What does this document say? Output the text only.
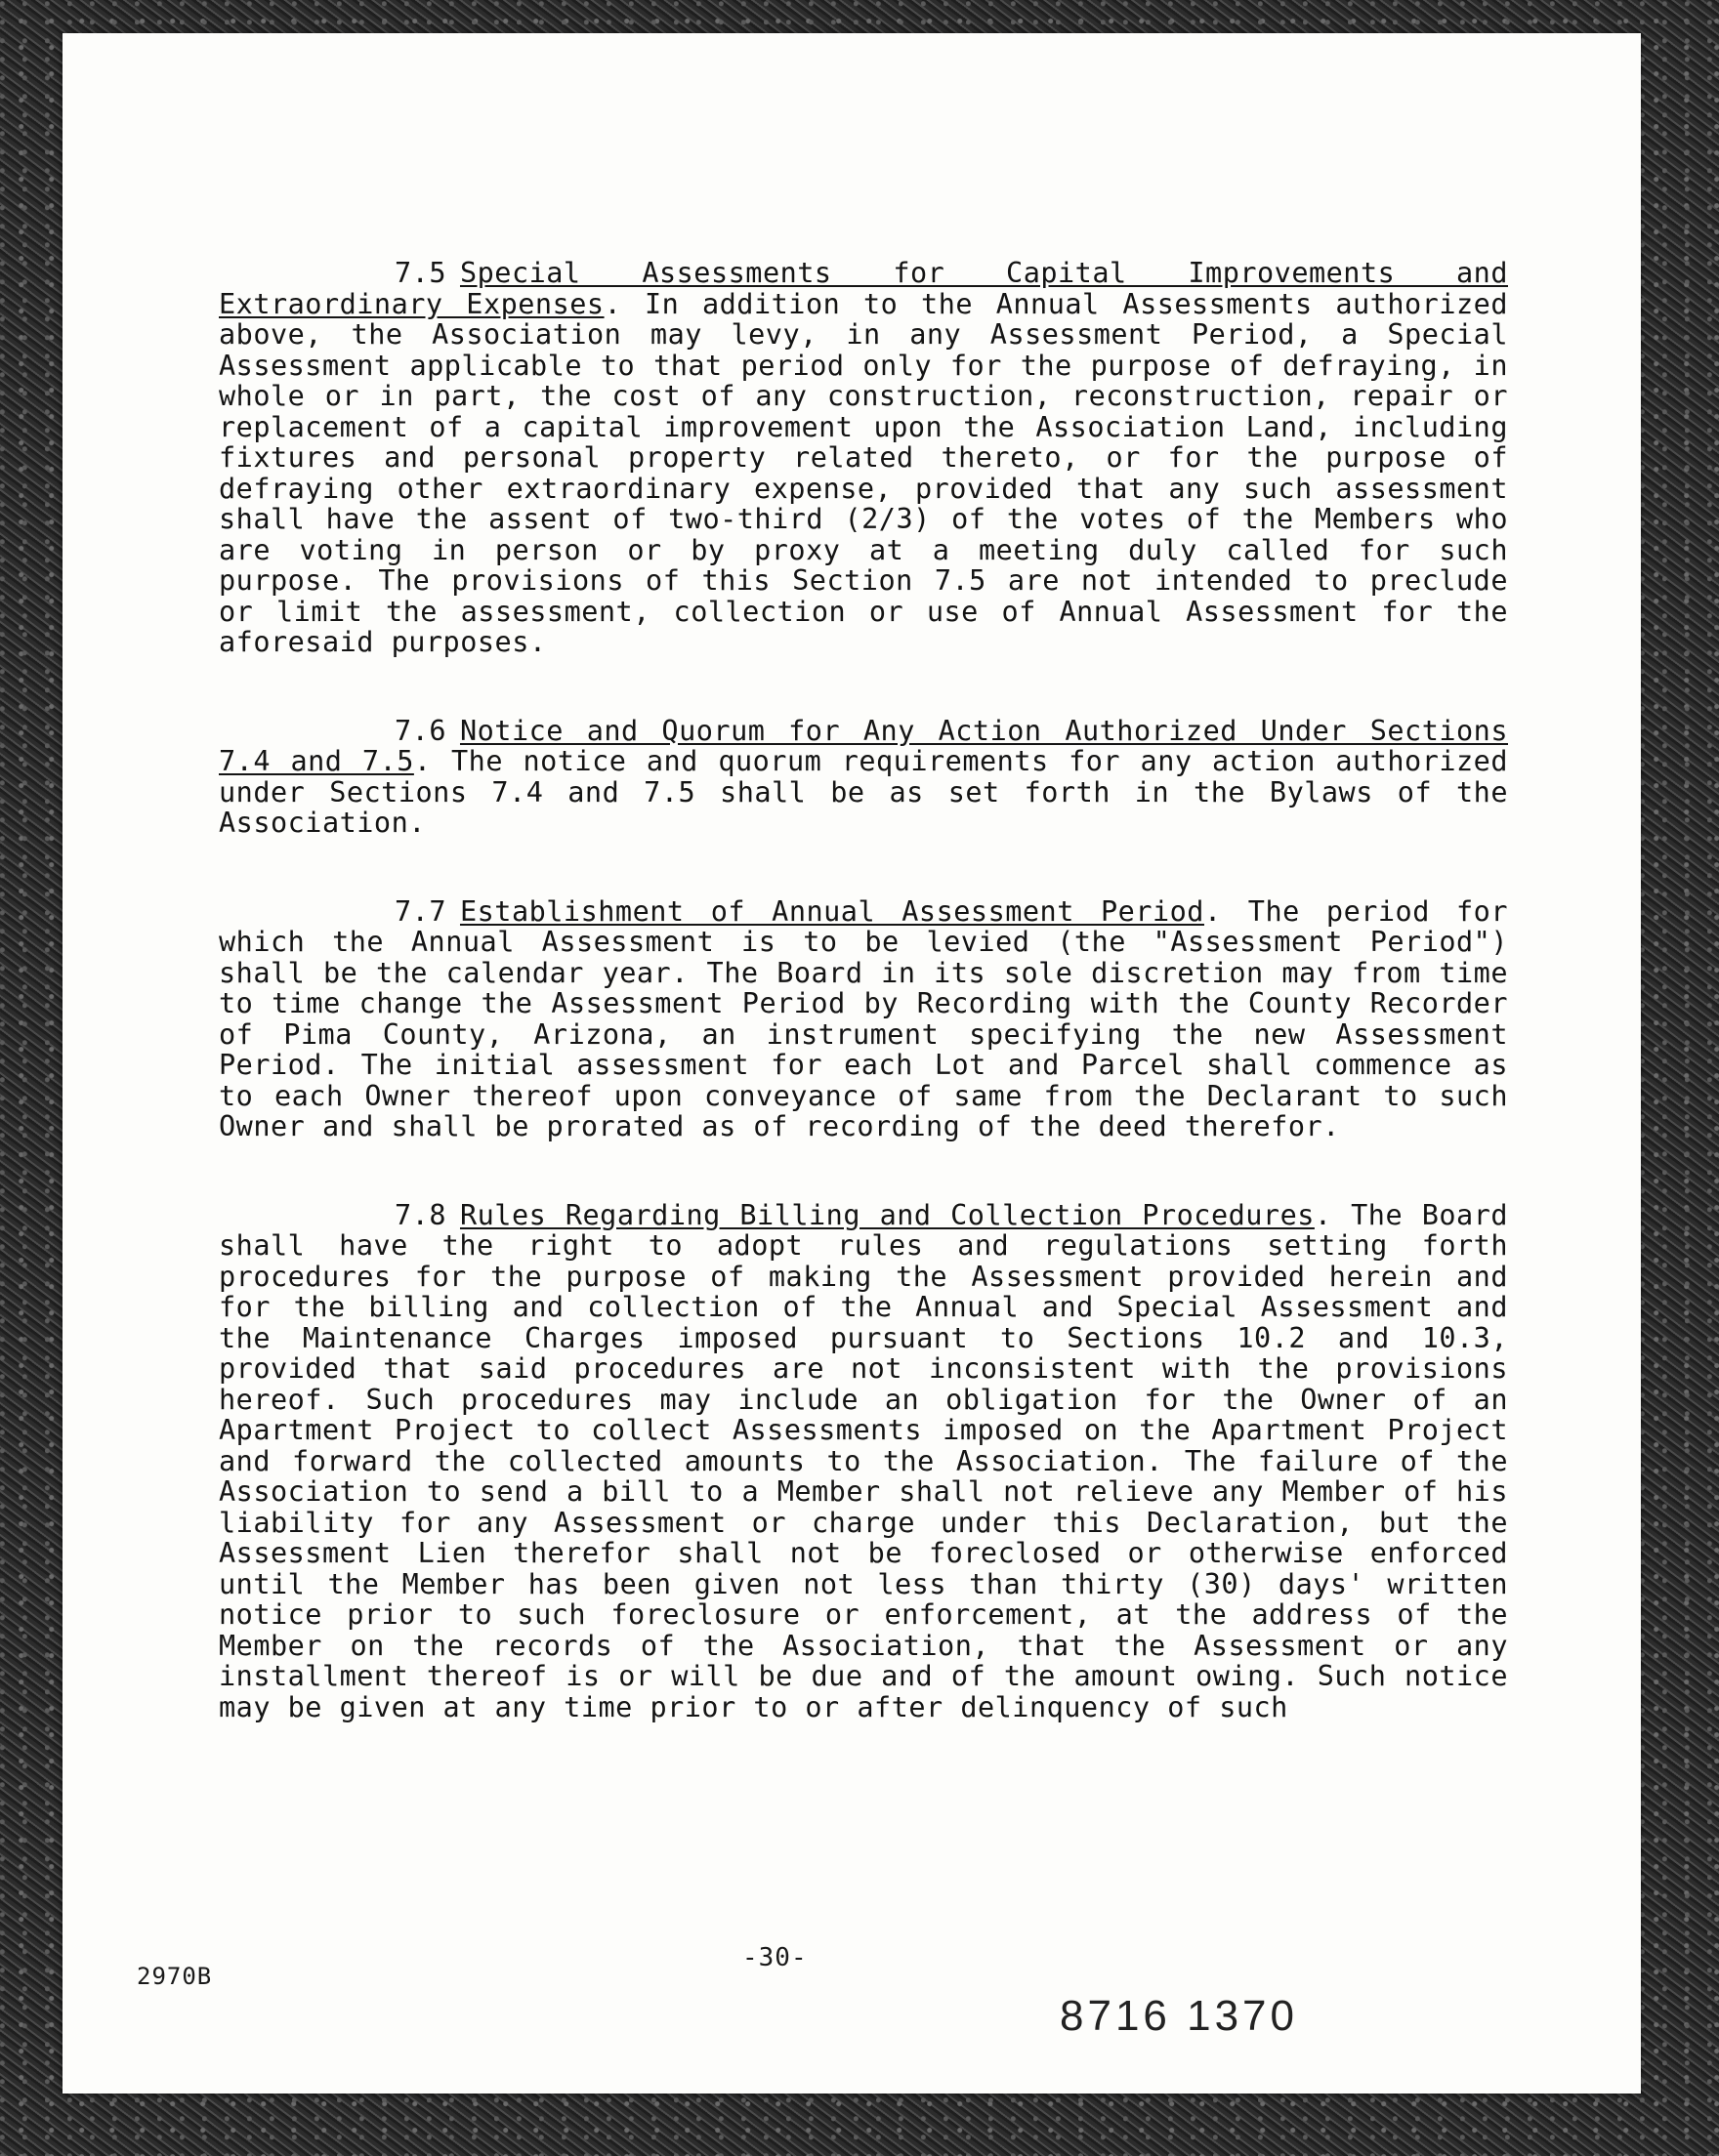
7.5 Special Assessments for Capital Improvements and Extraordinary Expenses. In addition to the Annual Assessments authorized above, the Association may levy, in any Assessment Period, a Special Assessment applicable to that period only for the purpose of defraying, in whole or in part, the cost of any construction, reconstruction, repair or replacement of a capital improvement upon the Association Land, including fixtures and personal property related thereto, or for the purpose of defraying other extraordinary expense, provided that any such assessment shall have the assent of two-third (2/3) of the votes of the Members who are voting in person or by proxy at a meeting duly called for such purpose. The provisions of this Section 7.5 are not intended to preclude or limit the assessment, collection or use of Annual Assessment for the aforesaid purposes.

7.6 Notice and Quorum for Any Action Authorized Under Sections 7.4 and 7.5. The notice and quorum requirements for any action authorized under Sections 7.4 and 7.5 shall be as set forth in the Bylaws of the Association.

7.7 Establishment of Annual Assessment Period. The period for which the Annual Assessment is to be levied (the "Assessment Period") shall be the calendar year. The Board in its sole discretion may from time to time change the Assessment Period by Recording with the County Recorder of Pima County, Arizona, an instrument specifying the new Assessment Period. The initial assessment for each Lot and Parcel shall commence as to each Owner thereof upon conveyance of same from the Declarant to such Owner and shall be prorated as of recording of the deed therefor.

7.8 Rules Regarding Billing and Collection Procedures. The Board shall have the right to adopt rules and regulations setting forth procedures for the purpose of making the Assessment provided herein and for the billing and collection of the Annual and Special Assessment and the Maintenance Charges imposed pursuant to Sections 10.2 and 10.3, provided that said procedures are not inconsistent with the provisions hereof. Such procedures may include an obligation for the Owner of an Apartment Project to collect Assessments imposed on the Apartment Project and forward the collected amounts to the Association. The failure of the Association to send a bill to a Member shall not relieve any Member of his liability for any Assessment or charge under this Declaration, but the Assessment Lien therefor shall not be foreclosed or otherwise enforced until the Member has been given not less than thirty (30) days' written notice prior to such foreclosure or enforcement, at the address of the Member on the records of the Association, that the Assessment or any installment thereof is or will be due and of the amount owing. Such notice may be given at any time prior to or after delinquency of such

2970B
-30-
8716 1370
